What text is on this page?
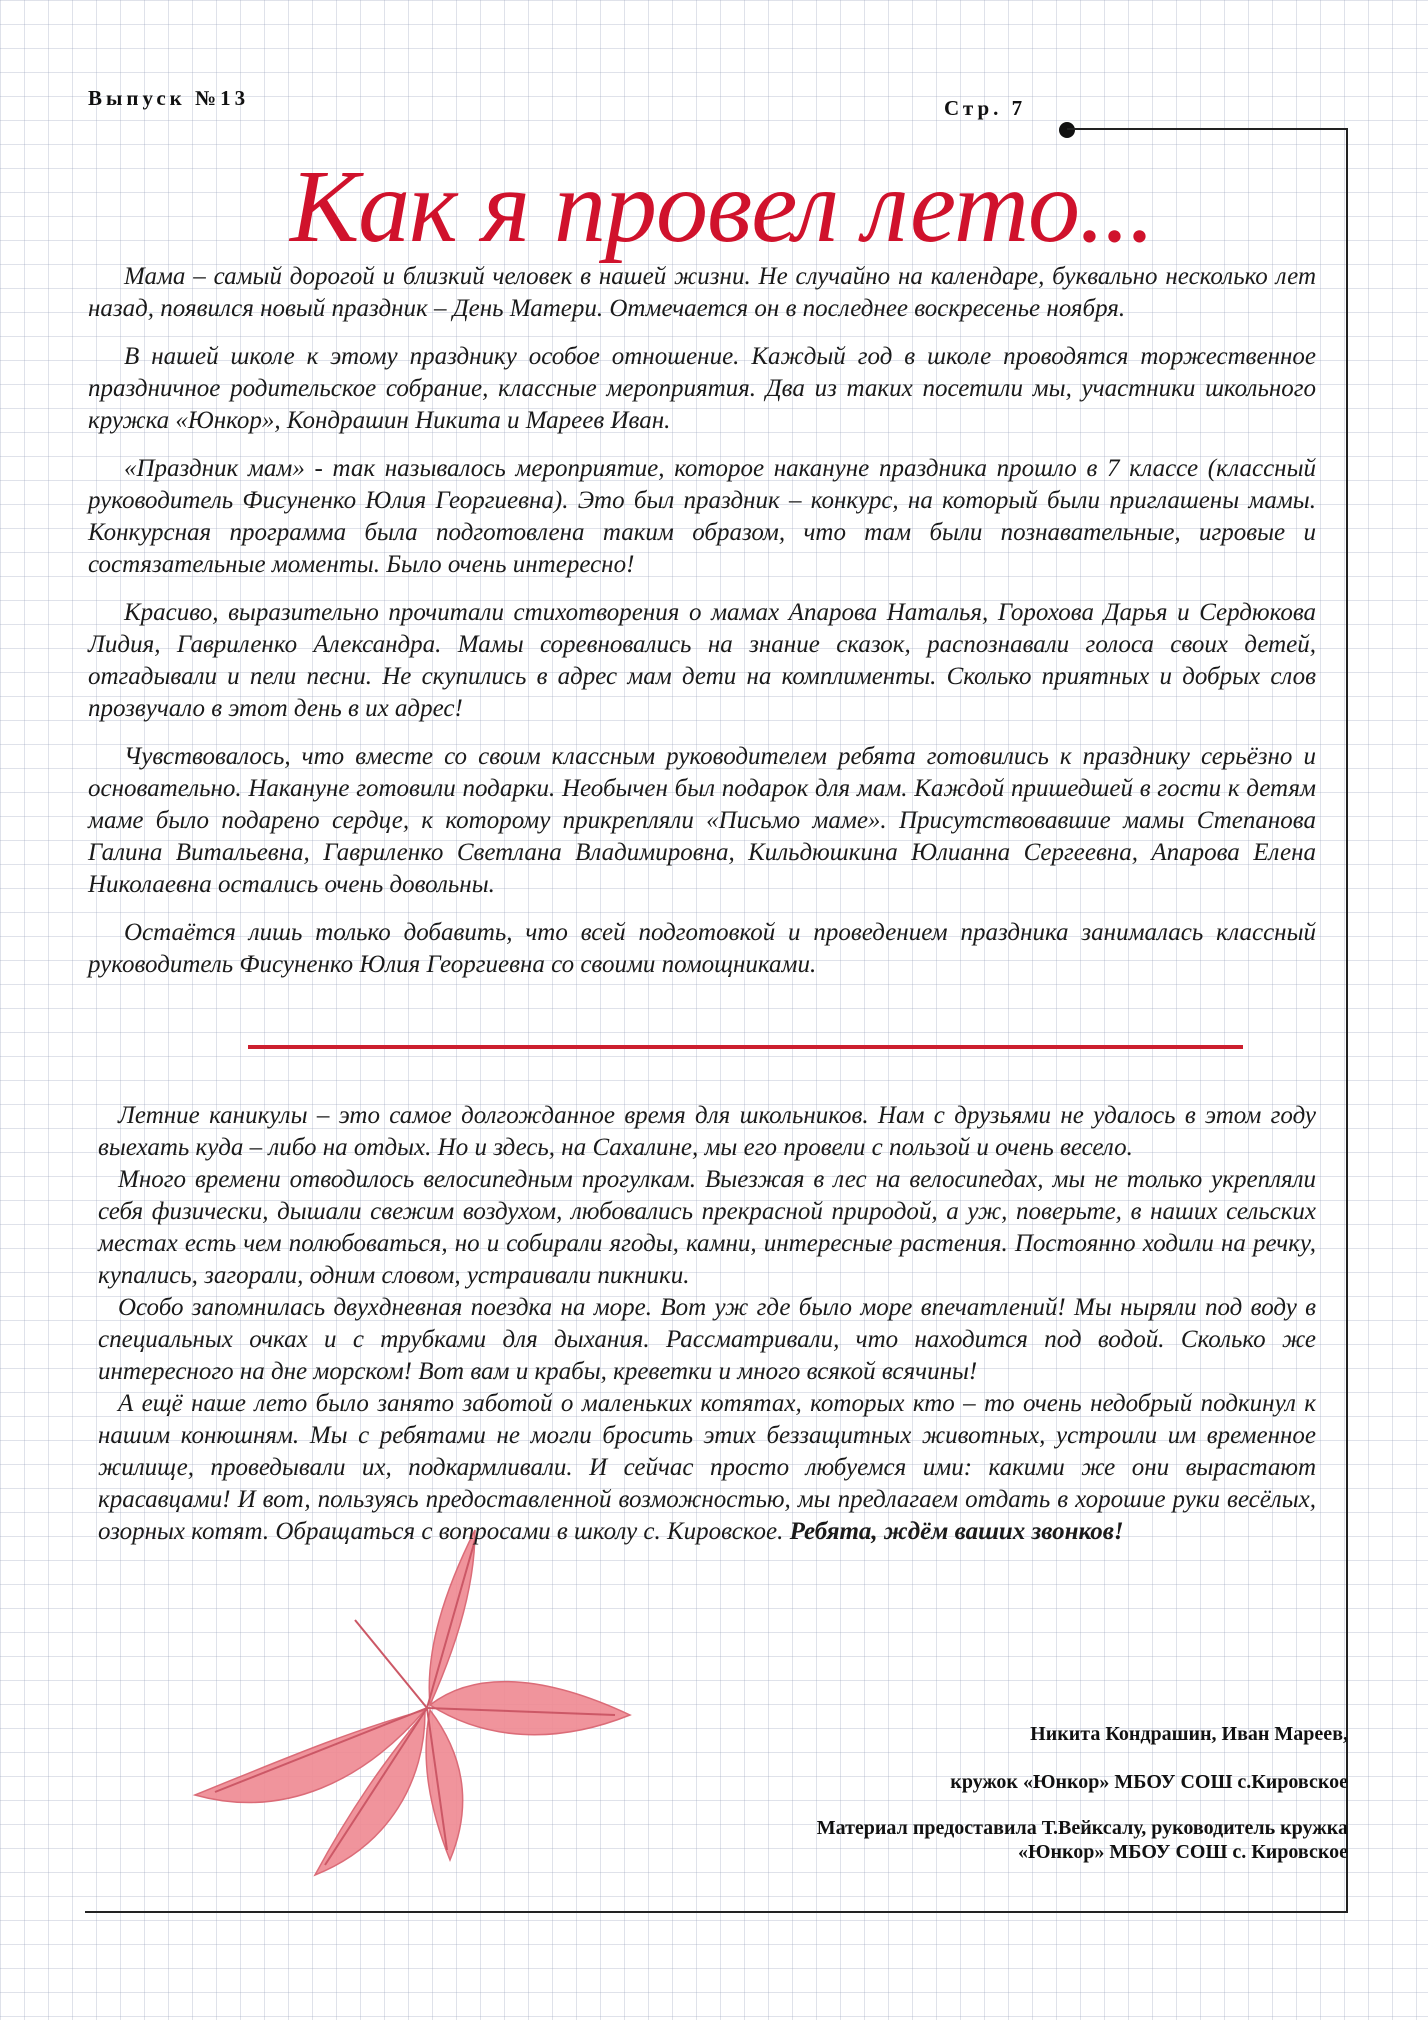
Выпуск №13	Стр. 7
Как я провел лето...

Мама – самый дорогой и близкий человек в нашей жизни. Не случайно на календаре, буквально несколько лет назад, появился новый праздник – День Матери. Отмечается он в последнее воскресенье ноября.

В нашей школе к этому празднику особое отношение. Каждый год в школе проводятся торжественное праздничное родительское собрание, классные мероприятия. Два из таких посетили мы, участники школьного кружка «Юнкор», Кондрашин Никита и Мареев Иван.

«Праздник мам» - так называлось мероприятие, которое накануне праздника прошло в 7 классе (классный руководитель Фисуненко Юлия Георгиевна). Это был праздник – конкурс, на который были приглашены мамы. Конкурсная программа была подготовлена таким образом, что там были познавательные, игровые и состязательные моменты. Было очень интересно!

Красиво, выразительно прочитали стихотворения о мамах Апарова Наталья, Горохова Дарья и Сердюкова Лидия, Гавриленко Александра. Мамы соревновались на знание сказок, распознавали голоса своих детей, отгадывали и пели песни. Не скупились в адрес мам дети на комплименты. Сколько приятных и добрых слов прозвучало в этот день в их адрес!

Чувствовалось, что вместе со своим классным руководителем ребята готовились к празднику серьёзно и основательно. Накануне готовили подарки. Необычен был подарок для мам. Каждой пришедшей в гости к детям маме было подарено сердце, к которому прикрепляли «Письмо маме». Присутствовавшие мамы Степанова Галина Витальевна, Гавриленко Светлана Владимировна, Кильдюшкина Юлианна Сергеевна, Апарова Елена Николаевна остались очень довольны.

Остаётся лишь только добавить, что всей подготовкой и проведением праздника занималась классный руководитель Фисуненко Юлия Георгиевна со своими помощниками.

Летние каникулы – это самое долгожданное время для школьников. Нам с друзьями не удалось в этом году выехать куда – либо на отдых. Но и здесь, на Сахалине, мы его провели с пользой и очень весело.

Много времени отводилось велосипедным прогулкам. Выезжая в лес на велосипедах, мы не только укрепляли себя физически, дышали свежим воздухом, любовались прекрасной природой, а уж, поверьте, в наших сельских местах есть чем полюбоваться, но и собирали ягоды, камни, интересные растения. Постоянно ходили на речку, купались, загорали, одним словом, устраивали пикники.

Особо запомнилась двухдневная поездка на море. Вот уж где было море впечатлений! Мы ныряли под воду в специальных очках и с трубками для дыхания. Рассматривали, что находится под водой. Сколько же интересного на дне морском! Вот вам и крабы, креветки и много всякой всячины!

А ещё наше лето было занято заботой о маленьких котятах, которых кто – то очень недобрый подкинул к нашим конюшням. Мы с ребятами не могли бросить этих беззащитных животных, устроили им временное жилище, проведывали их, подкармливали. И сейчас просто любуемся ими: какими же они вырастают красавцами! И вот, пользуясь предоставленной возможностью, мы предлагаем отдать в хорошие руки весёлых, озорных котят. Обращаться с вопросами в школу с. Кировское. Ребята, ждём ваших звонков!

Никита Кондрашин, Иван Мареев,
кружок «Юнкор» МБОУ СОШ с.Кировское
Материал предоставила Т.Вейксалу, руководитель кружка
«Юнкор» МБОУ СОШ с. Кировское
